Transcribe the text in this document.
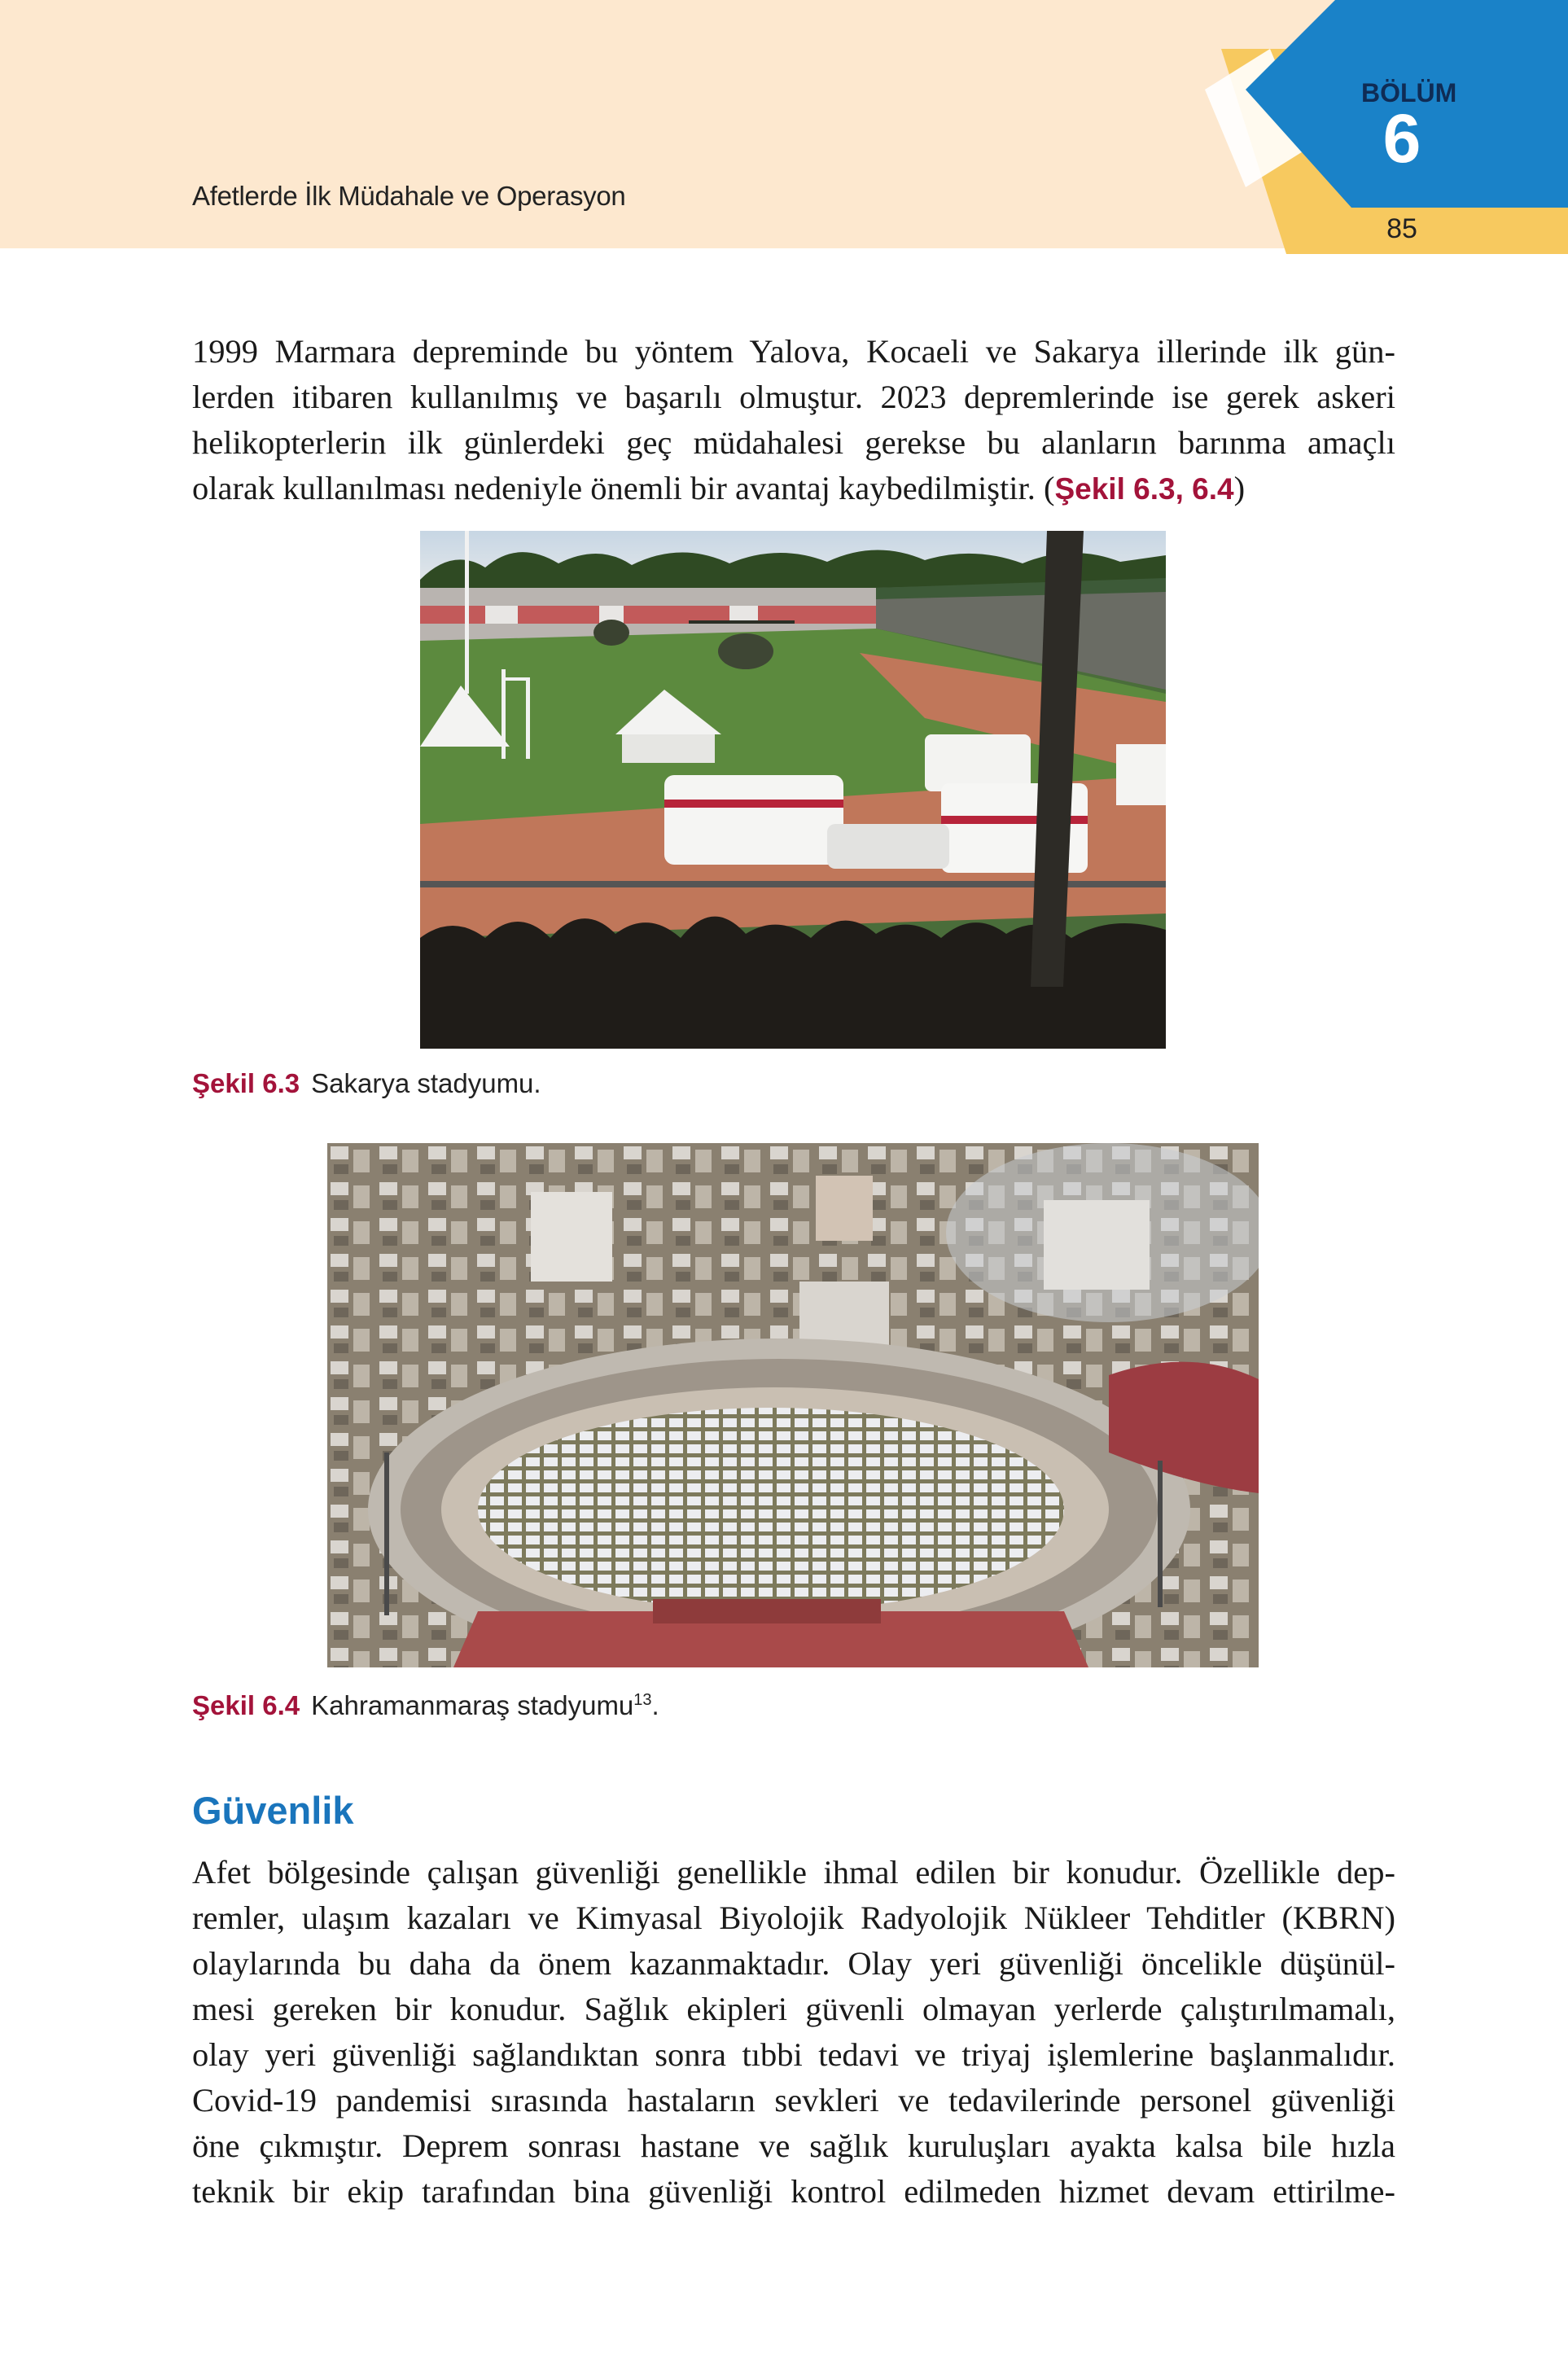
Afetlerde İlk Müdahale ve Operasyon
BÖLÜM
6
85
1999 Marmara depreminde bu yöntem Yalova, Kocaeli ve Sakarya illerinde ilk gün-
lerden itibaren kullanılmış ve başarılı olmuştur. 2023 depremlerinde ise gerek askeri
helikopterlerin ilk günlerdeki geç müdahalesi gerekse bu alanların barınma amaçlı
olarak kullanılması nedeniyle önemli bir avantaj kaybedilmiştir. (Şekil 6.3, 6.4)
Şekil 6.3 Sakarya stadyumu.
Şekil 6.4 Kahramanmaraş stadyumu$^{13}$.
Güvenlik
Afet bölgesinde çalışan güvenliği genellikle ihmal edilen bir konudur. Özellikle dep-
remler, ulaşım kazaları ve Kimyasal Biyolojik Radyolojik Nükleer Tehditler (KBRN)
olaylarında bu daha da önem kazanmaktadır. Olay yeri güvenliği öncelikle düşünül-
mesi gereken bir konudur. Sağlık ekipleri güvenli olmayan yerlerde çalıştırılmamalı,
olay yeri güvenliği sağlandıktan sonra tıbbi tedavi ve triyaj işlemlerine başlanmalıdır.
Covid-19 pandemisi sırasında hastaların sevkleri ve tedavilerinde personel güvenliği
öne çıkmıştır. Deprem sonrası hastane ve sağlık kuruluşları ayakta kalsa bile hızla
teknik bir ekip tarafından bina güvenliği kontrol edilmeden hizmet devam ettirilme-
